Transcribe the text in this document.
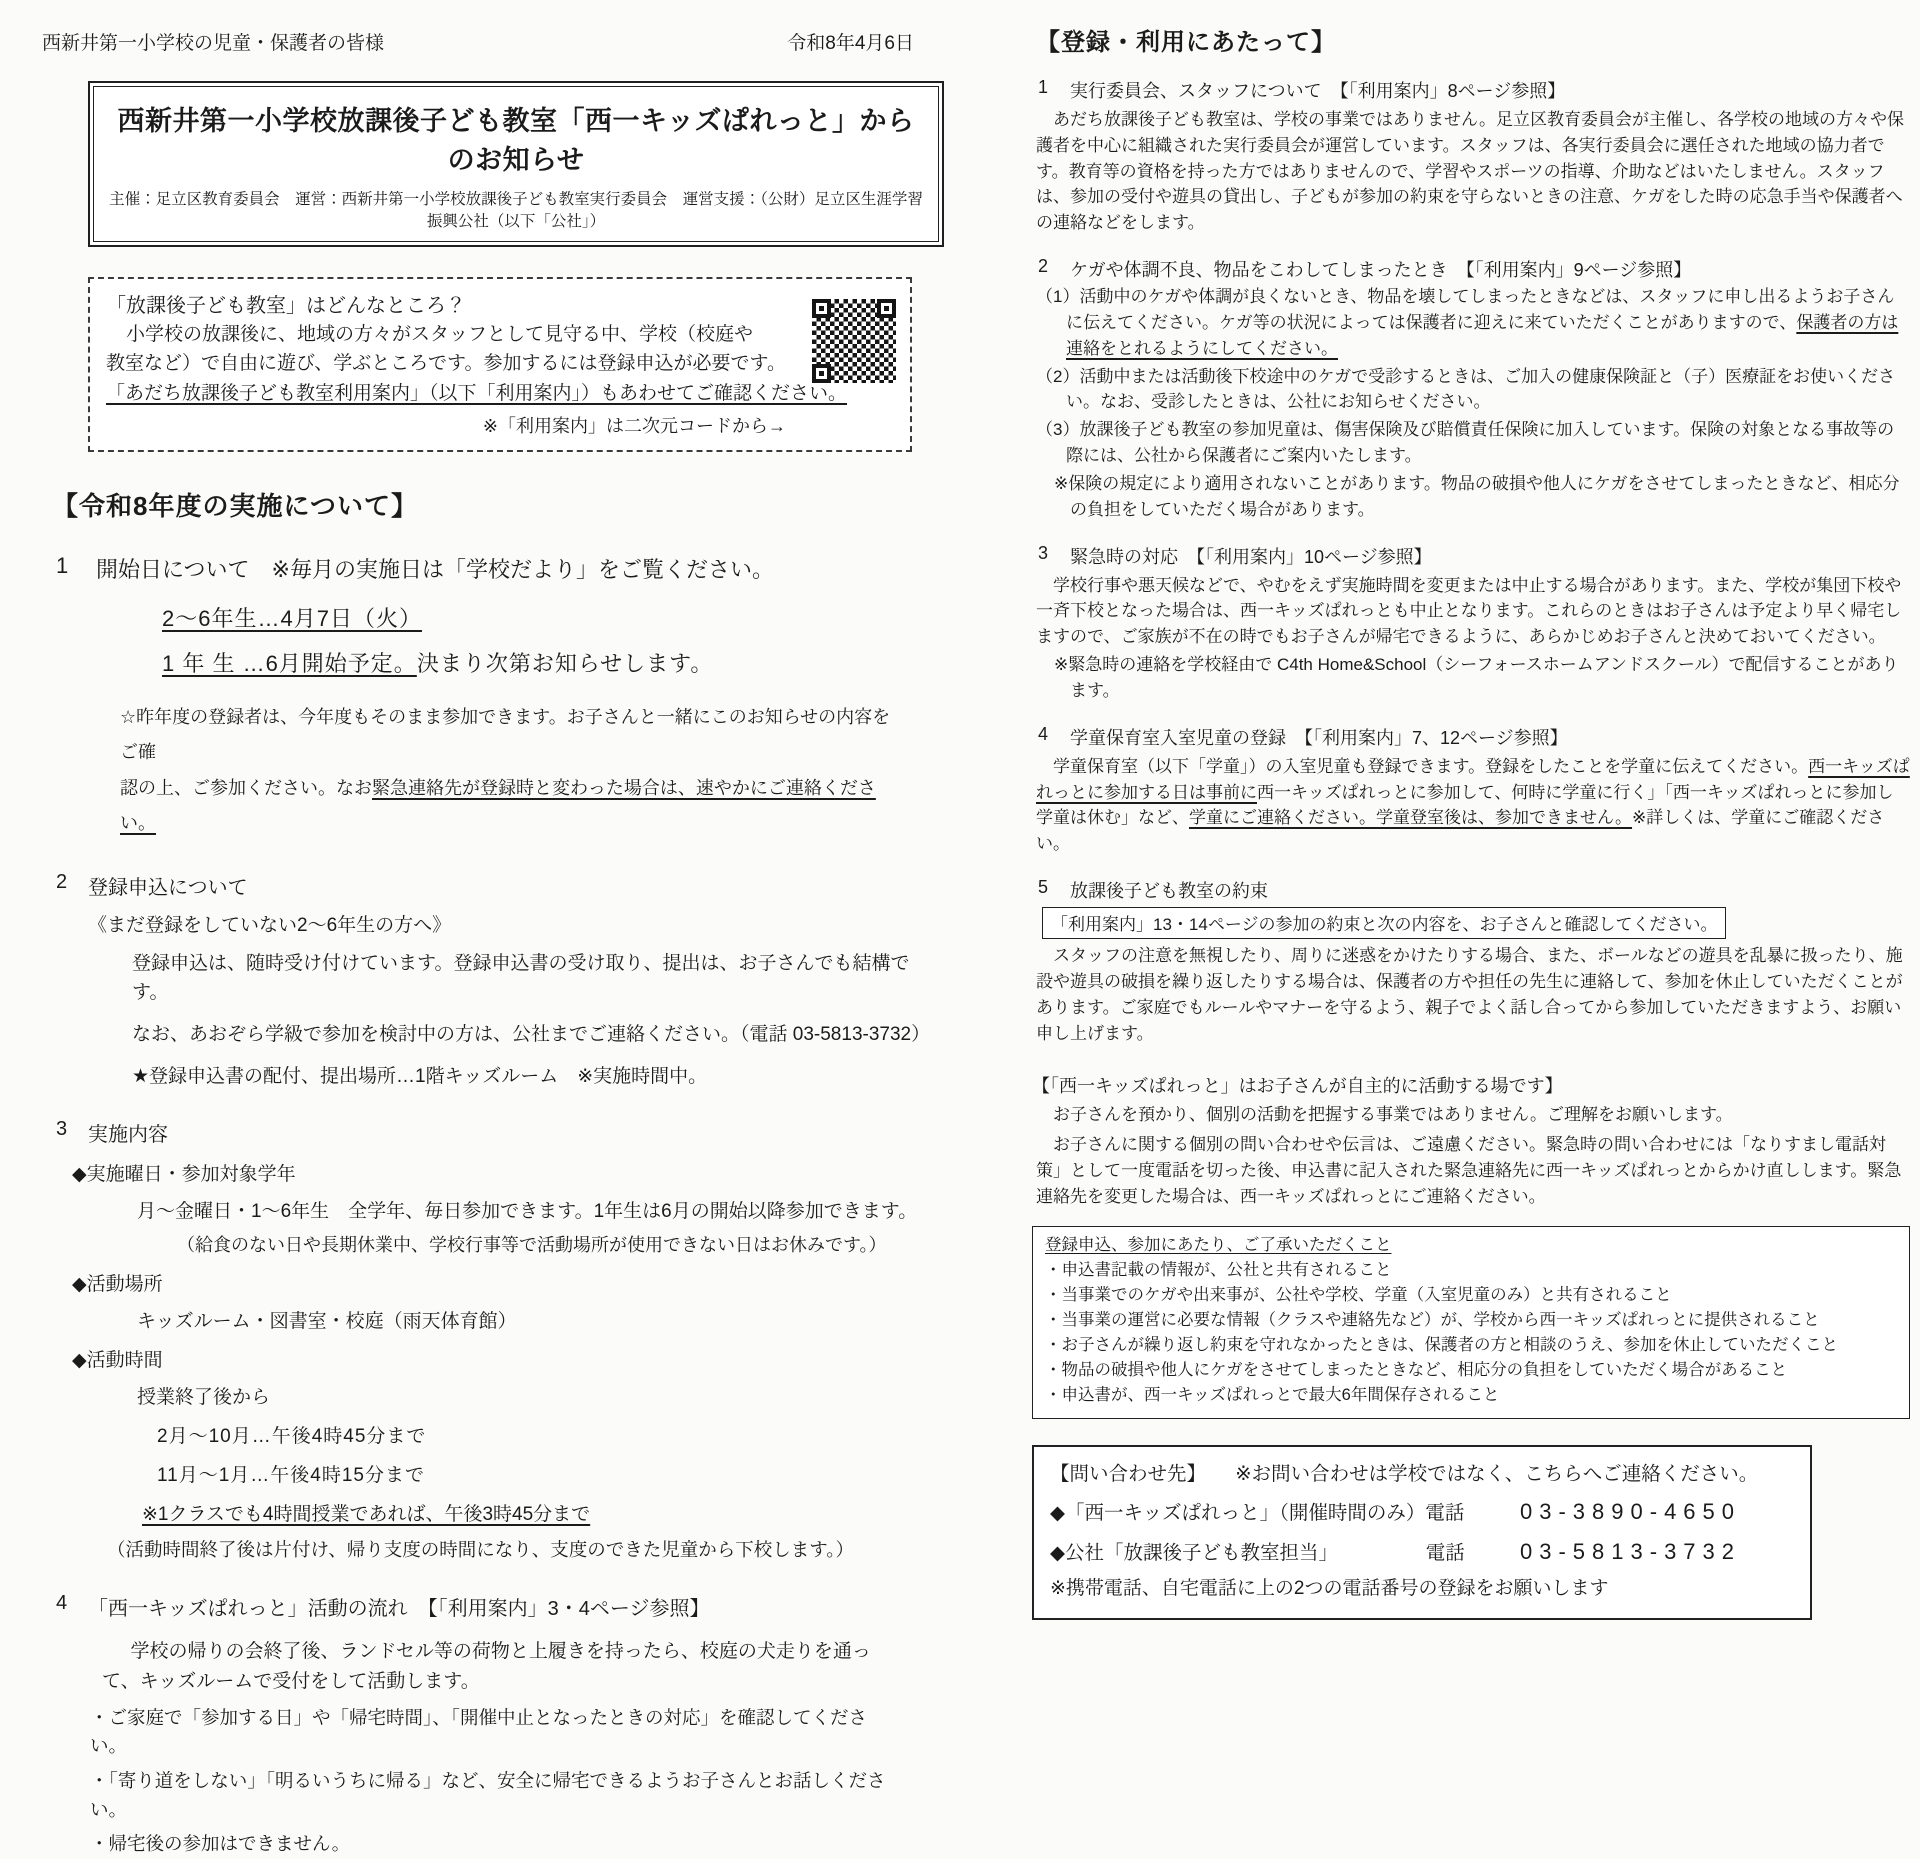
西新井第一小学校の児童・保護者の皆様	令和8年4月6日
西新井第一小学校放課後子ども教室「西一キッズぱれっと」からのお知らせ
主催：足立区教育委員会　運営：西新井第一小学校放課後子ども教室実行委員会　運営支援：（公財）足立区生涯学習振興公社（以下「公社」）
「放課後子ども教室」はどんなところ？
小学校の放課後に、地域の方々がスタッフとして見守る中、学校（校庭や
教室など）で自由に遊び、学ぶところです。参加するには登録申込が必要です。
「あだち放課後子ども教室利用案内」（以下「利用案内」）もあわせてご確認ください。
※「利用案内」は二次元コードから→
【令和8年度の実施について】
1	開始日について　※毎月の実施日は「学校だより」をご覧ください。
2～6年生…4月7日（火）
1 年 生 …6月開始予定。決まり次第お知らせします。
☆昨年度の登録者は、今年度もそのまま参加できます。お子さんと一緒にこのお知らせの内容をご確
認の上、ご参加ください。なお緊急連絡先が登録時と変わった場合は、速やかにご連絡ください。
2	登録申込について
《まだ登録をしていない2～6年生の方へ》
登録申込は、随時受け付けています。登録申込書の受け取り、提出は、お子さんでも結構です。
なお、あおぞら学級で参加を検討中の方は、公社までご連絡ください。（電話 03-5813-3732）
★登録申込書の配付、提出場所…1階キッズルーム　※実施時間中。
3	実施内容
◆実施曜日・参加対象学年
月～金曜日・1～6年生　全学年、毎日参加できます。1年生は6月の開始以降参加できます。
（給食のない日や長期休業中、学校行事等で活動場所が使用できない日はお休みです。）
◆活動場所
キッズルーム・図書室・校庭（雨天体育館）
◆活動時間
授業終了後から
2月～10月…午後4時45分まで
11月～1月…午後4時15分まで
※1クラスでも4時間授業であれば、午後3時45分まで
（活動時間終了後は片付け、帰り支度の時間になり、支度のできた児童から下校します。）
4	「西一キッズぱれっと」活動の流れ　【「利用案内」3・4ページ参照】
学校の帰りの会終了後、ランドセル等の荷物と上履きを持ったら、校庭の犬走りを通って、キッズルームで受付をして活動します。
・ご家庭で「参加する日」や「帰宅時間」、「開催中止となったときの対応」を確認してください。
・「寄り道をしない」「明るいうちに帰る」など、安全に帰宅できるようお子さんとお話しください。
・帰宅後の参加はできません。
【登録・利用にあたって】
1	実行委員会、スタッフについて　【「利用案内」8ページ参照】

あだち放課後子ども教室は、学校の事業ではありません。足立区教育委員会が主催し、各学校の地域の方々や保護者を中心に組織された実行委員会が運営しています。スタッフは、各実行委員会に選任された地域の協力者です。教育等の資格を持った方ではありませんので、学習やスポーツの指導、介助などはいたしません。スタッフは、参加の受付や遊具の貸出し、子どもが参加の約束を守らないときの注意、ケガをした時の応急手当や保護者への連絡などをします。

2	ケガや体調不良、物品をこわしてしまったとき　【「利用案内」9ページ参照】
（1）活動中のケガや体調が良くないとき、物品を壊してしまったときなどは、スタッフに申し出るようお子さんに伝えてください。ケガ等の状況によっては保護者に迎えに来ていただくことがありますので、保護者の方は連絡をとれるようにしてください。
（2）活動中または活動後下校途中のケガで受診するときは、ご加入の健康保険証と（子）医療証をお使いください。なお、受診したときは、公社にお知らせください。
（3）放課後子ども教室の参加児童は、傷害保険及び賠償責任保険に加入しています。保険の対象となる事故等の際には、公社から保護者にご案内いたします。
※保険の規定により適用されないことがあります。物品の破損や他人にケガをさせてしまったときなど、相応分の負担をしていただく場合があります。
3	緊急時の対応　【「利用案内」10ページ参照】

学校行事や悪天候などで、やむをえず実施時間を変更または中止する場合があります。また、学校が集団下校や一斉下校となった場合は、西一キッズぱれっとも中止となります。これらのときはお子さんは予定より早く帰宅しますので、ご家族が不在の時でもお子さんが帰宅できるように、あらかじめお子さんと決めておいてください。

※緊急時の連絡を学校経由で C4th Home&School（シーフォースホームアンドスクール）で配信することがあります。
4	学童保育室入室児童の登録　【「利用案内」7、12ページ参照】

学童保育室（以下「学童」）の入室児童も登録できます。登録をしたことを学童に伝えてください。西一キッズぱれっとに参加する日は事前に西一キッズぱれっとに参加して、何時に学童に行く」「西一キッズぱれっとに参加し学童は休む」など、学童にご連絡ください。学童登室後は、参加できません。※詳しくは、学童にご確認ください。

5	放課後子ども教室の約束
「利用案内」13・14ページの参加の約束と次の内容を、お子さんと確認してください。

スタッフの注意を無視したり、周りに迷惑をかけたりする場合、また、ボールなどの遊具を乱暴に扱ったり、施設や遊具の破損を繰り返したりする場合は、保護者の方や担任の先生に連絡して、参加を休止していただくことがあります。ご家庭でもルールやマナーを守るよう、親子でよく話し合ってから参加していただきますよう、お願い申し上げます。

【「西一キッズぱれっと」はお子さんが自主的に活動する場です】

お子さんを預かり、個別の活動を把握する事業ではありません。ご理解をお願いします。

お子さんに関する個別の問い合わせや伝言は、ご遠慮ください。緊急時の問い合わせには「なりすまし電話対策」として一度電話を切った後、申込書に記入された緊急連絡先に西一キッズぱれっとからかけ直しします。緊急連絡先を変更した場合は、西一キッズぱれっとにご連絡ください。

登録申込、参加にあたり、ご了承いただくこと
・申込書記載の情報が、公社と共有されること
・当事業でのケガや出来事が、公社や学校、学童（入室児童のみ）と共有されること
・当事業の運営に必要な情報（クラスや連絡先など）が、学校から西一キッズぱれっとに提供されること
・お子さんが繰り返し約束を守れなかったときは、保護者の方と相談のうえ、参加を休止していただくこと
・物品の破損や他人にケガをさせてしまったときなど、相応分の負担をしていただく場合があること
・申込書が、西一キッズぱれっとで最大6年間保存されること
【問い合わせ先】　　※お問い合わせは学校ではなく、こちらへご連絡ください。
◆「西一キッズぱれっと」（開催時間のみ）電話	03-3890-4650
◆公社「放課後子ども教室担当」　　　　　電話	03-5813-3732
※携帯電話、自宅電話に上の2つの電話番号の登録をお願いします
